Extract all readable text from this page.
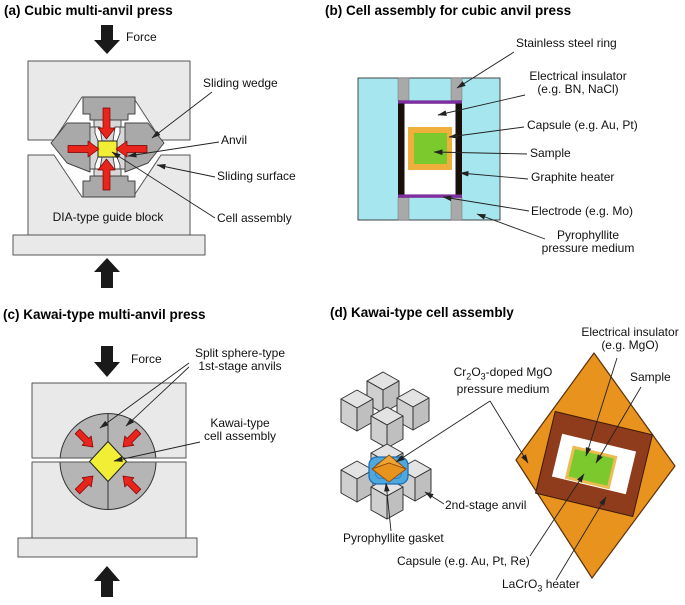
(a) Cubic multi-anvil press
Force
Sliding wedge
Anvil
Sliding surface
Cell assembly
DIA-type guide block
(b) Cell assembly for cubic anvil press
Stainless steel ring
Electrical insulator
(e.g. BN, NaCl)
Capsule (e.g. Au, Pt)
Sample
Graphite heater
Electrode (e.g. Mo)
Pyrophyllite
pressure medium
(c) Kawai-type multi-anvil press
Force	Split sphere-type
1st-stage anvils
Kawai-type
cell assembly
(d) Kawai-type cell assembly
Electrical insulator
(e.g. MgO)
Sample
$Cr_2O_3$-doped MgO
pressure medium
2nd-stage anvil
Pyrophyllite gasket
Capsule (e.g. Au, Pt, Re)
LaCrO$_3$ heater
